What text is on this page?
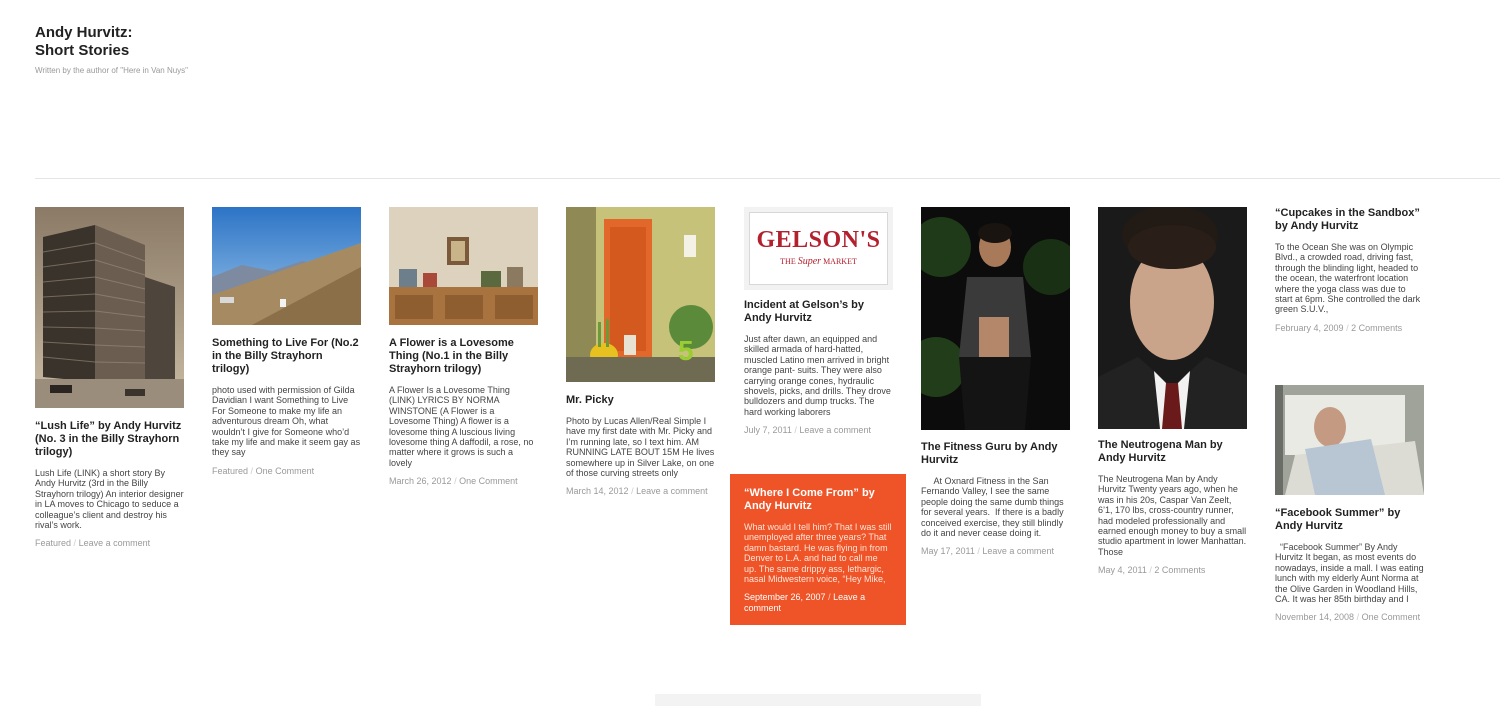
Andy Hurvitz:
Short Stories
Written by the author of "Here in Van Nuys"
“Lush Life” by Andy Hurvitz (No. 3 in the Billy Strayhorn trilogy)

Lush Life (LINK) a short story By Andy Hurvitz (3rd in the Billy Strayhorn trilogy) An interior designer in LA moves to Chicago to seduce a colleague’s client and destroy his rival’s work.

Featured / Leave a comment
Something to Live For (No.2 in the Billy Strayhorn trilogy)

photo used with permission of Gilda Davidian I want Something to Live For Someone to make my life an adventurous dream Oh, what wouldn’t I give for Someone who’d take my life and make it seem gay as they say

Featured / One Comment
A Flower is a Lovesome Thing (No.1 in the Billy Strayhorn trilogy)

A Flower Is a Lovesome Thing (LINK) LYRICS BY NORMA WINSTONE (A Flower is a Lovesome Thing) A flower is a lovesome thing A luscious living lovesome thing A daffodil, a rose, no matter where it grows is such a lovely

March 26, 2012 / One Comment
5
Mr. Picky

Photo by Lucas Allen/Real Simple I have my first date with Mr. Picky and I’m running late, so I text him. AM RUNNING LATE BOUT 15M He lives somewhere up in Silver Lake, on one of those curving streets only

March 14, 2012 / Leave a comment
GELSON'S
THE Super MARKET
Incident at Gelson’s by Andy Hurvitz

Just after dawn, an equipped and skilled armada of hard-hatted, muscled Latino men arrived in bright orange pant- suits. They were also carrying orange cones, hydraulic shovels, picks, and drills. They drove bulldozers and dump trucks. The hard working laborers

July 7, 2011 / Leave a comment
“Where I Come From” by Andy Hurvitz

What would I tell him? That I was still unemployed after three years? That damn bastard. He was flying in from Denver to L.A. and had to call me up. The same drippy ass, lethargic, nasal Midwestern voice, “Hey Mike,

September 26, 2007 / Leave a comment
The Fitness Guru by Andy Hurvitz

At Oxnard Fitness in the San Fernando Valley, I see the same people doing the same dumb things for several years.  If there is a badly conceived exercise, they still blindly do it and never cease doing it.

May 17, 2011 / Leave a comment
The Neutrogena Man by Andy Hurvitz

The Neutrogena Man by Andy Hurvitz Twenty years ago, when he was in his 20s, Caspar Van Zeelt, 6’1, 170 lbs, cross-country runner, had modeled professionally and earned enough money to buy a small studio apartment in lower Manhattan. Those

May 4, 2011 / 2 Comments
“Cupcakes in the Sandbox” by Andy Hurvitz

To the Ocean She was on Olympic Blvd., a crowded road, driving fast, through the blinding light, headed to the ocean, the waterfront location where the yoga class was due to start at 6pm. She controlled the dark green S.U.V.,

February 4, 2009 / 2 Comments
“Facebook Summer” by Andy Hurvitz

“Facebook Summer” By Andy Hurvitz It began, as most events do nowadays, inside a mall. I was eating lunch with my elderly Aunt Norma at the Olive Garden in Woodland Hills, CA. It was her 85th birthday and I

November 14, 2008 / One Comment
